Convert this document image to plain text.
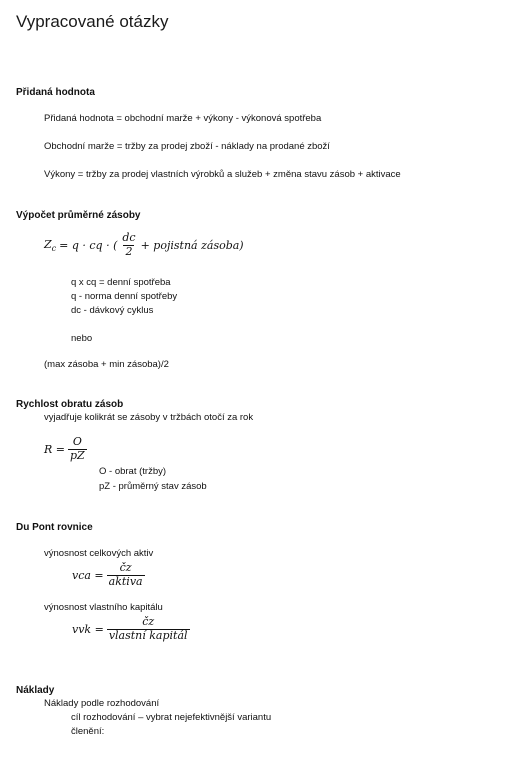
Vypracované otázky
Přidaná hodnota
Přidaná hodnota = obchodní marže + výkony - výkonová spotřeba
Obchodní marže = tržby za prodej zboží - náklady na prodané zboží
Výkony = tržby za prodej vlastních výrobků a služeb + změna stavu zásob + aktivace
Výpočet průměrné zásoby
$Z_c = q$ · cq · ( $\frac{dc}{2}$ + pojistná zásoba)
q x cq = denní spotřeba
q - norma denní spotřeby
dc - dávkový cyklus
nebo
(max zásoba + min zásoba)/2
Rychlost obratu zásob
vyjadřuje kolikrát se zásoby v tržbách otočí za rok
$R = \frac{O}{pZ}$
O - obrat (tržby)
pZ - průměrný stav zásob
Du Pont rovnice
výnosnost celkových aktiv
vca = $\frac{čz}{\text{aktiva}}$
výnosnost vlastního kapitálu
vvk = $\frac{čz}{\text{vlastní kapitál}}$
Náklady
Náklady podle rozhodování
cíl rozhodování – vybrat nejefektivnější variantu
členění:
